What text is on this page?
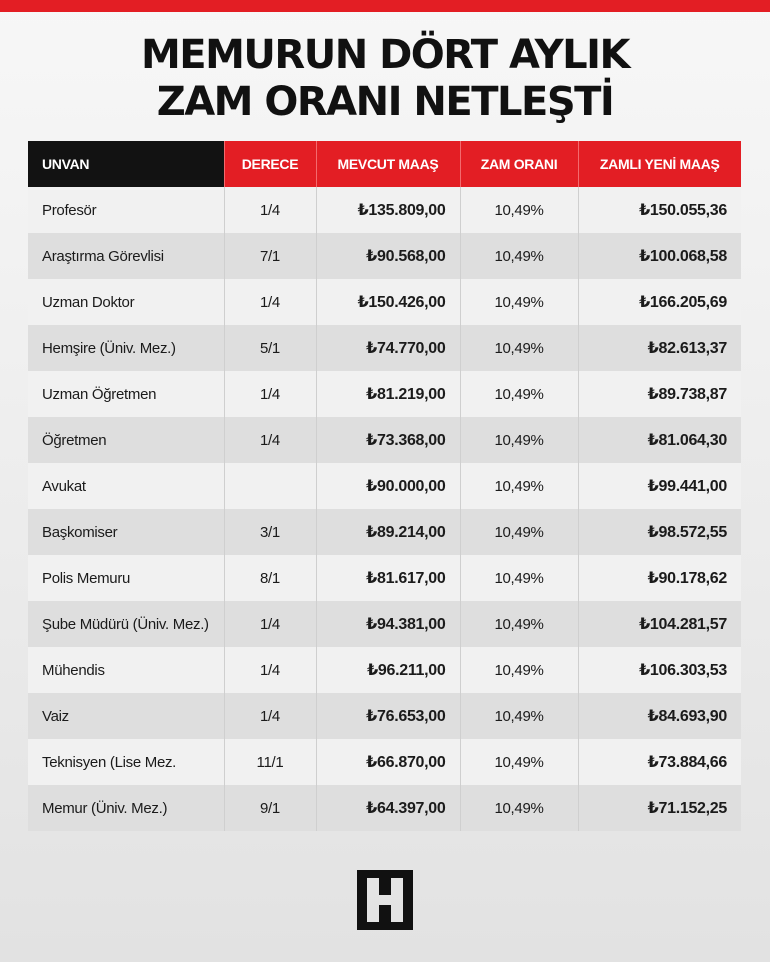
MEMURUN DÖRT AYLIK
ZAM ORANI NETLEŞTİ
UNVAN	DERECE	MEVCUT MAAŞ	ZAM ORANI	ZAMLI YENİ MAAŞ
Profesör	1/4	₺135.809,00	10,49%	₺150.055,36
Araştırma Görevlisi	7/1	₺90.568,00	10,49%	₺100.068,58
Uzman Doktor	1/4	₺150.426,00	10,49%	₺166.205,69
Hemşire (Üniv. Mez.)	5/1	₺74.770,00	10,49%	₺82.613,37
Uzman Öğretmen	1/4	₺81.219,00	10,49%	₺89.738,87
Öğretmen	1/4	₺73.368,00	10,49%	₺81.064,30
Avukat		₺90.000,00	10,49%	₺99.441,00
Başkomiser	3/1	₺89.214,00	10,49%	₺98.572,55
Polis Memuru	8/1	₺81.617,00	10,49%	₺90.178,62
Şube Müdürü (Üniv. Mez.)	1/4	₺94.381,00	10,49%	₺104.281,57
Mühendis	1/4	₺96.211,00	10,49%	₺106.303,53
Vaiz	1/4	₺76.653,00	10,49%	₺84.693,90
Teknisyen (Lise Mez.	11/1	₺66.870,00	10,49%	₺73.884,66
Memur (Üniv. Mez.)	9/1	₺64.397,00	10,49%	₺71.152,25
